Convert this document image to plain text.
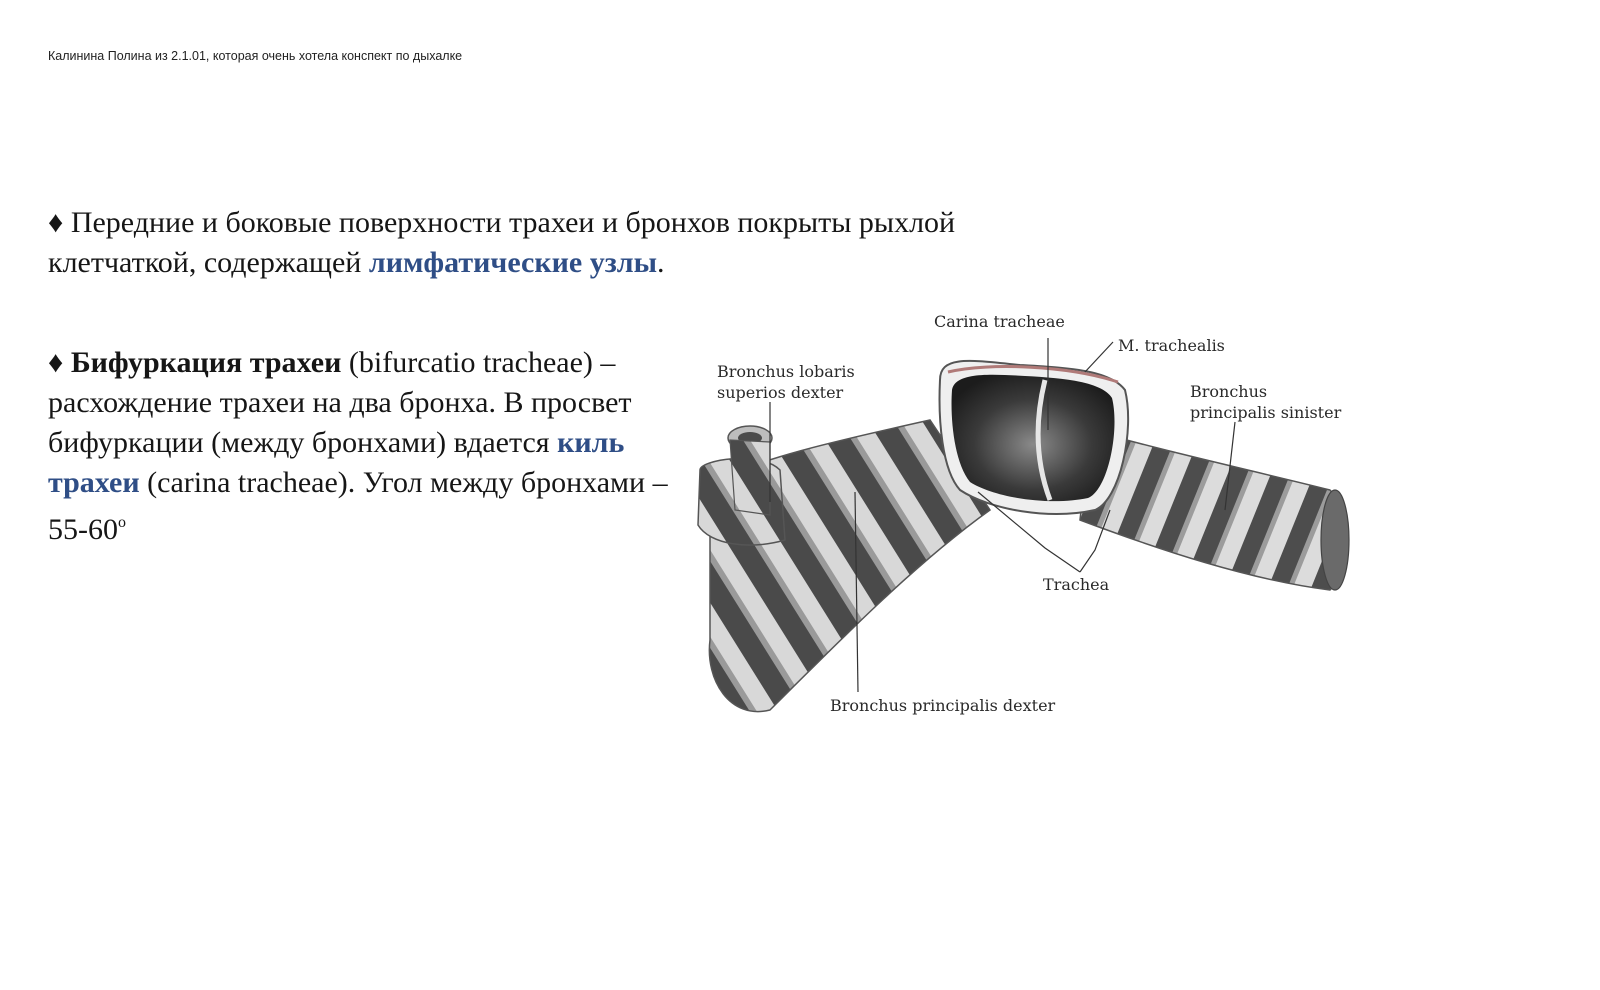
Калинина Полина из 2.1.01, которая очень хотела конспект по дыхалке
♦ Передние и боковые поверхности трахеи и бронхов покрыты рыхлой клетчаткой, содержащей лимфатические узлы.
♦ Бифуркация трахеи (bifurcatio tracheae) – расхождение трахеи на два бронха. В просвет бифуркации (между бронхами) вдается киль трахеи (carina tracheae). Угол между бронхами – $55-60^о$
Carina tracheae
M. trachealis
Bronchus lobaris
superios dexter	Bronchus
principalis sinister
Trachea
Bronchus principalis dexter
